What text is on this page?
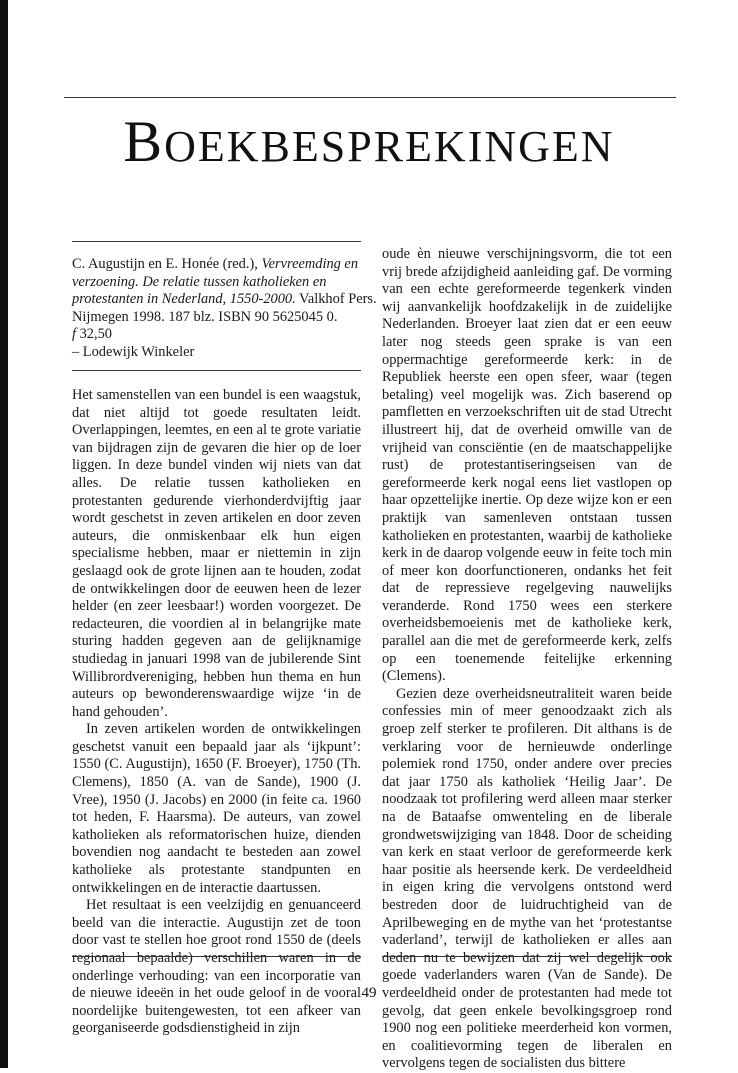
BOEKBESPREKINGEN
C. Augustijn en E. Honée (red.), Vervreemding en
verzoening. De relatie tussen katholieken en
protestanten in Nederland, 1550-2000. Valkhof Pers.
Nijmegen 1998. 187 blz. ISBN 90 5625045 0.
f 32,50
– Lodewijk Winkeler

Het samenstellen van een bundel is een waagstuk, dat niet altijd tot goede resultaten leidt. Overlappingen, leemtes, en een al te grote variatie van bijdragen zijn de gevaren die hier op de loer liggen. In deze bundel vinden wij niets van dat alles. De relatie tussen katholieken en protestanten gedurende vierhonderdvijftig jaar wordt geschetst in zeven artikelen en door zeven auteurs, die onmiskenbaar elk hun eigen specialisme hebben, maar er niettemin in zijn geslaagd ook de grote lijnen aan te houden, zodat de ontwikkelingen door de eeuwen heen de lezer helder (en zeer leesbaar!) worden voorgezet. De redacteuren, die voordien al in belangrijke mate sturing hadden gegeven aan de gelijknamige studiedag in januari 1998 van de jubilerende Sint Willibrordvereniging, hebben hun thema en hun auteurs op bewonderenswaardige wijze ‘in de hand gehouden’.

In zeven artikelen worden de ontwikkelingen geschetst vanuit een bepaald jaar als ‘ijkpunt’: 1550 (C. Augustijn), 1650 (F. Broeyer), 1750 (Th. Clemens), 1850 (A. van de Sande), 1900 (J. Vree), 1950 (J. Jacobs) en 2000 (in feite ca. 1960 tot heden, F. Haarsma). De auteurs, van zowel katholieken als reformatorischen huize, dienden bovendien nog aandacht te besteden aan zowel katholieke als protestante standpunten en ontwikkelingen en de interactie daartussen.

Het resultaat is een veelzijdig en genuanceerd beeld van die interactie. Augustijn zet de toon door vast te stellen hoe groot rond 1550 de (deels regionaal bepaalde) verschillen waren in de onderlinge verhouding: van een incorporatie van de nieuwe ideeën in het oude geloof in de vooral noordelijke buitengewesten, tot een afkeer van georganiseerde godsdienstigheid in zijn

oude èn nieuwe verschijningsvorm, die tot een vrij brede afzijdigheid aanleiding gaf. De vorming van een echte gereformeerde tegenkerk vinden wij aanvankelijk hoofdzakelijk in de zuidelijke Nederlanden. Broeyer laat zien dat er een eeuw later nog steeds geen sprake is van een oppermachtige gereformeerde kerk: in de Republiek heerste een open sfeer, waar (tegen betaling) veel mogelijk was. Zich baserend op pamfletten en verzoekschriften uit de stad Utrecht illustreert hij, dat de overheid omwille van de vrijheid van consciëntie (en de maatschappelijke rust) de protestantiseringseisen van de gereformeerde kerk nogal eens liet vastlopen op haar opzettelijke inertie. Op deze wijze kon er een praktijk van samenleven ontstaan tussen katholieken en protestanten, waarbij de katholieke kerk in de daarop volgende eeuw in feite toch min of meer kon doorfunctioneren, ondanks het feit dat de repressieve regelgeving nauwelijks veranderde. Rond 1750 wees een sterkere overheidsbemoeienis met de katholieke kerk, parallel aan die met de gereformeerde kerk, zelfs op een toenemende feitelijke erkenning (Clemens).

Gezien deze overheidsneutraliteit waren beide confessies min of meer genoodzaakt zich als groep zelf sterker te profileren. Dit althans is de verklaring voor de hernieuwde onderlinge polemiek rond 1750, onder andere over precies dat jaar 1750 als katholiek ‘Heilig Jaar’. De noodzaak tot profilering werd alleen maar sterker na de Bataafse omwenteling en de liberale grondwetswijziging van 1848. Door de scheiding van kerk en staat verloor de gereformeerde kerk haar positie als heersende kerk. De verdeeldheid in eigen kring die vervolgens ontstond werd bestreden door de luidruchtigheid van de Aprilbeweging en de mythe van het ‘protestantse vaderland’, terwijl de katholieken er alles aan deden nu te bewijzen dat zij wel degelijk ook goede vaderlanders waren (Van de Sande). De verdeeldheid onder de protestanten had mede tot gevolg, dat geen enkele bevolkingsgroep rond 1900 nog een politieke meerderheid kon vormen, en coalitievorming tegen de liberalen en vervolgens tegen de socialisten dus bittere

49
